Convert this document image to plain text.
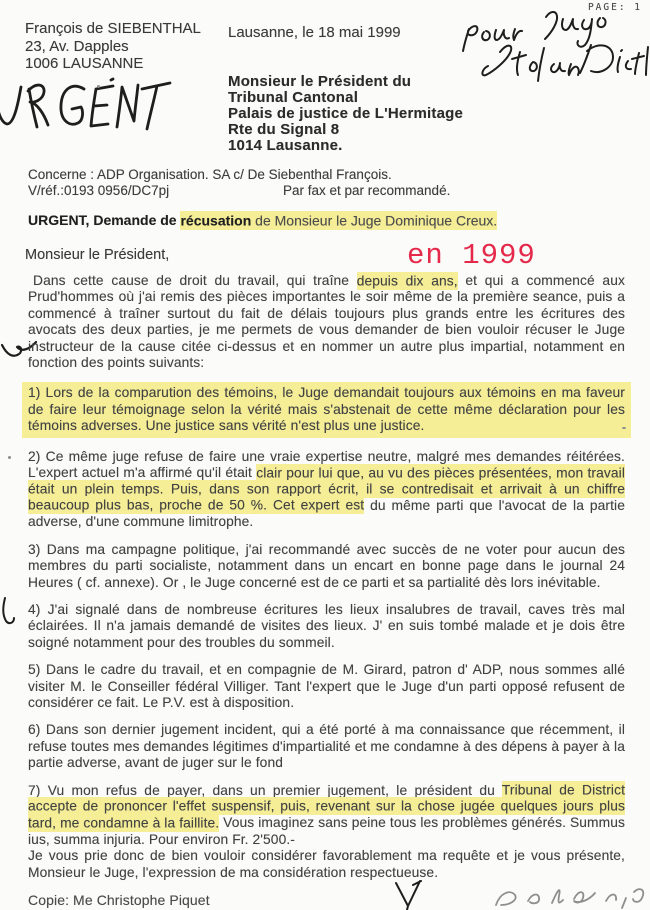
PAGE: 1
François de SIEBENTHAL
23, Av. Dapples
1006 LAUSANNE
Lausanne, le 18 mai 1999
Monsieur le Président du
Tribunal Cantonal
Palais de justice de L'Hermitage
Rte du Signal 8
1014 Lausanne.
Concerne : ADP Organisation. SA c/ De Siebenthal François.
V/réf.:0193 0956/DC7pj	Par fax et par recommandé.
URGENT, Demande de récusation de Monsieur le Juge Dominique Creux.
Monsieur le Président,	en 1999

Dans cette cause de droit du travail, qui traîne depuis dix ans, et qui a commencé aux Prud'hommes où j'ai remis des pièces importantes le soir même de la première seance, puis a commencé à traîner surtout du fait de délais toujours plus grands entre les écritures des avocats des deux parties, je me permets de vous demander de bien vouloir récuser le Juge instructeur de la cause citée ci-dessus et en nommer un autre plus impartial, notamment en fonction des points suivants:

1) Lors de la comparution des témoins, le Juge demandait toujours aux témoins en ma faveur de faire leur témoignage selon la vérité mais s'abstenait de cette même déclaration pour les témoins adverses. Une justice sans vérité n'est plus une justice.

2) Ce même juge refuse de faire une vraie expertise neutre, malgré mes demandes réitérées. L'expert actuel m'a affirmé qu'il était clair pour lui que, au vu des pièces présentées, mon travail était un plein temps. Puis, dans son rapport écrit, il se contredisait et arrivait à un chiffre beaucoup plus bas, proche de 50 %. Cet expert est du même parti que l'avocat de la partie adverse, d'une commune limitrophe.

3) Dans ma campagne politique, j'ai recommandé avec succès de ne voter pour aucun des membres du parti socialiste, notamment dans un encart en bonne page dans le journal 24 Heures ( cf. annexe). Or , le Juge concerné est de ce parti et sa partialité dès lors inévitable.

4) J'ai signalé dans de nombreuse écritures les lieux insalubres de travail, caves très mal éclairées. Il n'a jamais demandé de visites des lieux. J' en suis tombé malade et je dois être soigné notamment pour des troubles du sommeil.

5) Dans le cadre du travail, et en compagnie de M. Girard, patron d' ADP, nous sommes allé visiter M. le Conseiller fédéral Villiger. Tant l'expert que le Juge d'un parti opposé refusent de considérer ce fait. Le P.V. est à disposition.

6) Dans son dernier jugement incident, qui a été porté à ma connaissance que récemment, il refuse toutes mes demandes légitimes d'impartialité et me condamne à des dépens à payer à la partie adverse, avant de juger sur le fond

7) Vu mon refus de payer, dans un premier jugement, le président du Tribunal de District accepte de prononcer l'effet suspensif, puis, revenant sur la chose jugée quelques jours plus tard, me condamne à la faillite. Vous imaginez sans peine tous les problèmes générés. Summus ius, summa injuria. Pour environ Fr. 2'500.-

Je vous prie donc de bien vouloir considérer favorablement ma requête et je vous présente, Monsieur le Juge, l'expression de ma considération respectueuse.

Copie: Me Christophe Piquet
